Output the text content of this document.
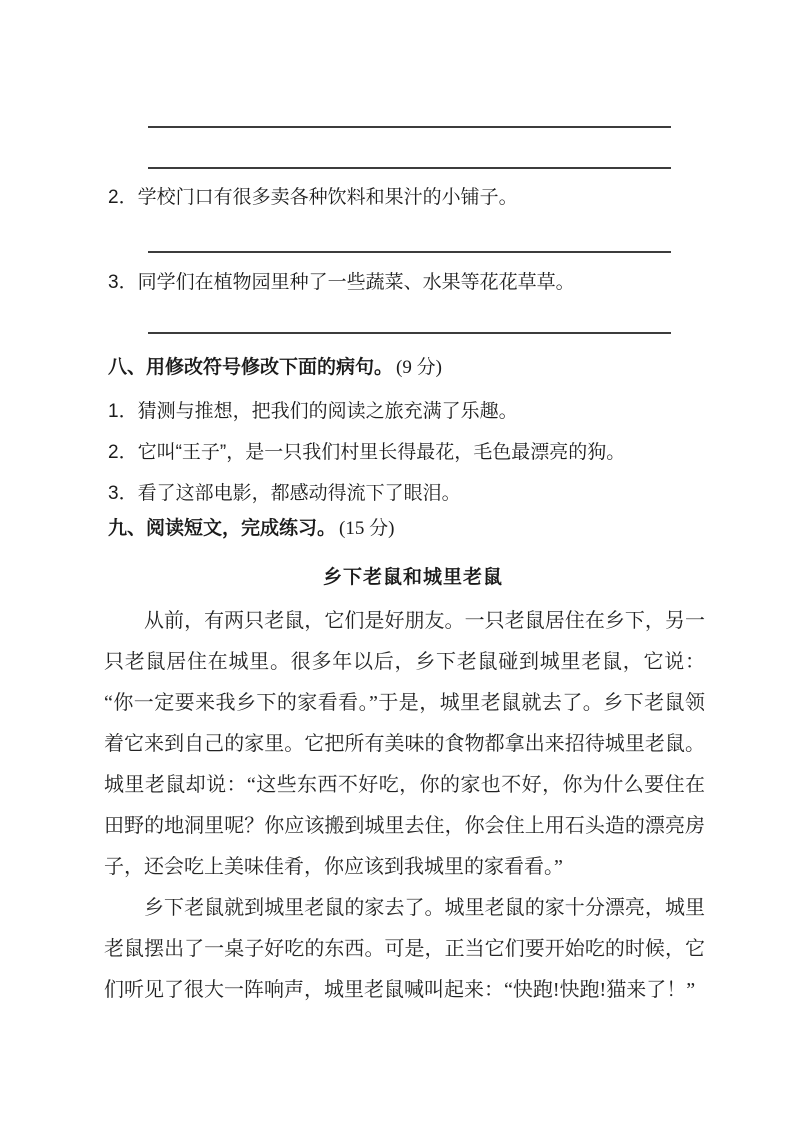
2．学校门口有很多卖各种饮料和果汁的小铺子。
3．同学们在植物园里种了一些蔬菜、水果等花花草草。
八、用修改符号修改下面的病句。 (9 分)
1．猜测与推想，把我们的阅读之旅充满了乐趣。
2．它叫“王子”，是一只我们村里长得最花，毛色最漂亮的狗。
3．看了这部电影，都感动得流下了眼泪。
九、阅读短文，完成练习。 (15 分)
乡下老鼠和城里老鼠

从前，有两只老鼠，它们是好朋友。一只老鼠居住在乡下，另一只老鼠居住在城里。很多年以后，乡下老鼠碰到城里老鼠，它说：“你一定要来我乡下的家看看。”于是，城里老鼠就去了。乡下老鼠领着它来到自己的家里。它把所有美味的食物都拿出来招待城里老鼠。城里老鼠却说：“这些东西不好吃，你的家也不好，你为什么要住在田野的地洞里呢？你应该搬到城里去住，你会住上用石头造的漂亮房子，还会吃上美味佳肴，你应该到我城里的家看看。”

乡下老鼠就到城里老鼠的家去了。城里老鼠的家十分漂亮，城里老鼠摆出了一桌子好吃的东西。可是，正当它们要开始吃的时候，它们听见了很大一阵响声，城里老鼠喊叫起来：“快跑!快跑!猫来了！”
